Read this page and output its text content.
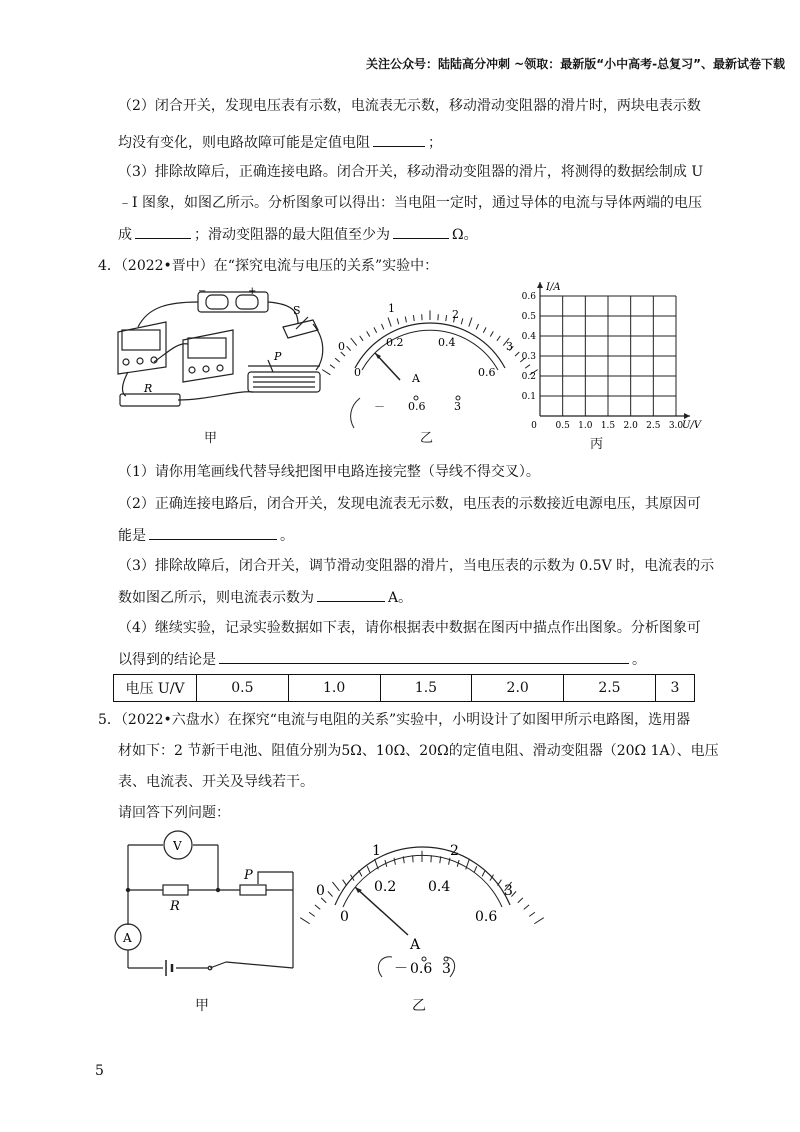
关注公众号：陆陆高分冲刺 ~领取：最新版“小中高考-总复习”、最新试卷下载
（2）闭合开关，发现电压表有示数，电流表无示数，移动滑动变阻器的滑片时，两块电表示数
均没有变化，则电路故障可能是定值电阻	；
（3）排除故障后，正确连接电路。闭合开关，移动滑动变阻器的滑片，将测得的数据绘制成 U
﹣I 图象，如图乙所示。分析图象可以得出：当电阻一定时，通过导体的电流与导体两端的电压
成	；滑动变阻器的最大阻值至少为	Ω。
4．（2022•晋中）在“探究电流与电压的关系”实验中：
−	+
S
P
R
甲
0
1	2
3
0
0.2	0.4
0.6
A
－ 0.6	3
乙
0.5 1.0 1.5 2.0 2.5 3.0
0.1
0.2
0.3
0.4
0.5
0.6
0	U/V
I/A
丙
（1）请你用笔画线代替导线把图甲电路连接完整（导线不得交叉）。
（2）正确连接电路后，闭合开关，发现电流表无示数，电压表的示数接近电源电压，其原因可
能是	。
（3）排除故障后，闭合开关，调节滑动变阻器的滑片，当电压表的示数为 0.5V 时，电流表的示
数如图乙所示，则电流表示数为	A。
（4）继续实验，记录实验数据如下表，请你根据表中数据在图丙中描点作出图象。分析图象可
以得到的结论是	。
电压 U/V	0.5	1.0	1.5	2.0	2.5	3
5．（2022•六盘水）在探究“电流与电阻的关系”实验中，小明设计了如图甲所示电路图，选用器
材如下：2 节新干电池、阻值分别为5Ω、10Ω、20Ω的定值电阻、滑动变阻器（20Ω 1A）、电压
表、电流表、开关及导线若干。
请回答下列问题：
V
A
R
P
甲
0
1	2
3
0
0.2 0.4
0.6
A
－ 0.6 3
乙
5
